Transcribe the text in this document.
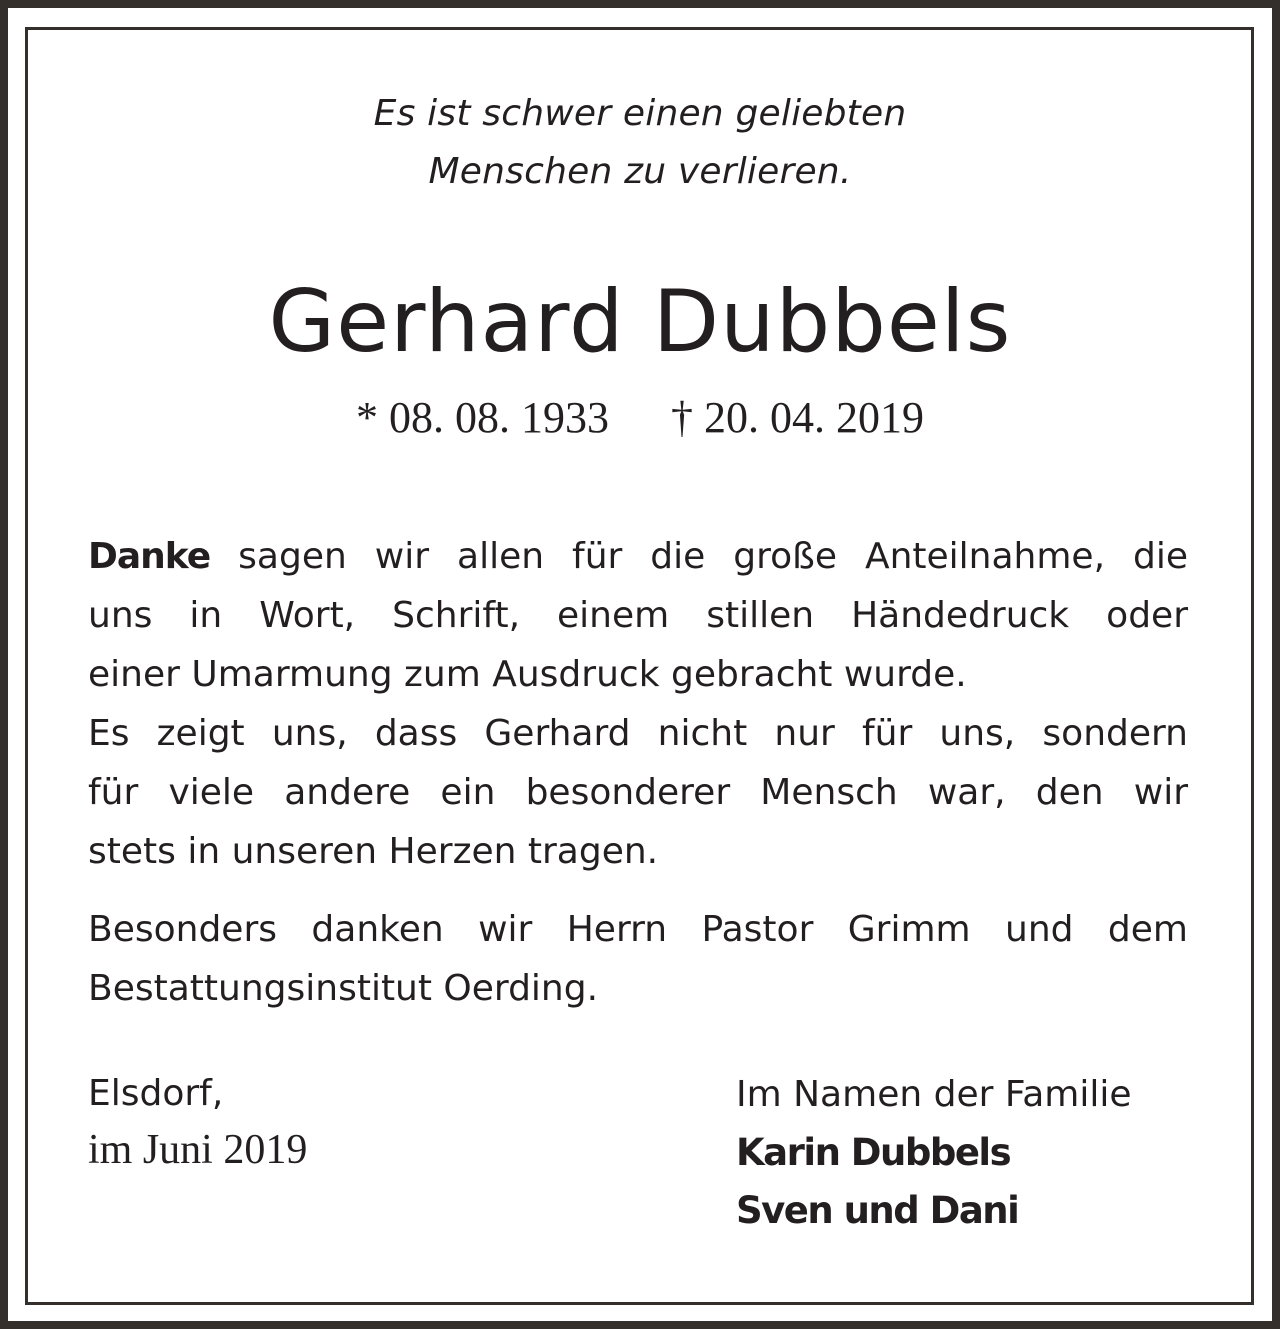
Es ist schwer einen geliebten
Menschen zu verlieren.
Gerhard Dubbels
* 08. 08. 1933 † 20. 04. 2019
Danke sagen wir allen für die große Anteilnahme, die
uns in Wort, Schrift, einem stillen Händedruck oder
einer Umarmung zum Ausdruck gebracht wurde.
Es zeigt uns, dass Gerhard nicht nur für uns, sondern
für viele andere ein besonderer Mensch war, den wir
stets in unseren Herzen tragen.
Besonders danken wir Herrn Pastor Grimm und dem
Bestattungsinstitut Oerding.
Elsdorf,
im Juni 2019
Im Namen der Familie
Karin Dubbels
Sven und Dani
